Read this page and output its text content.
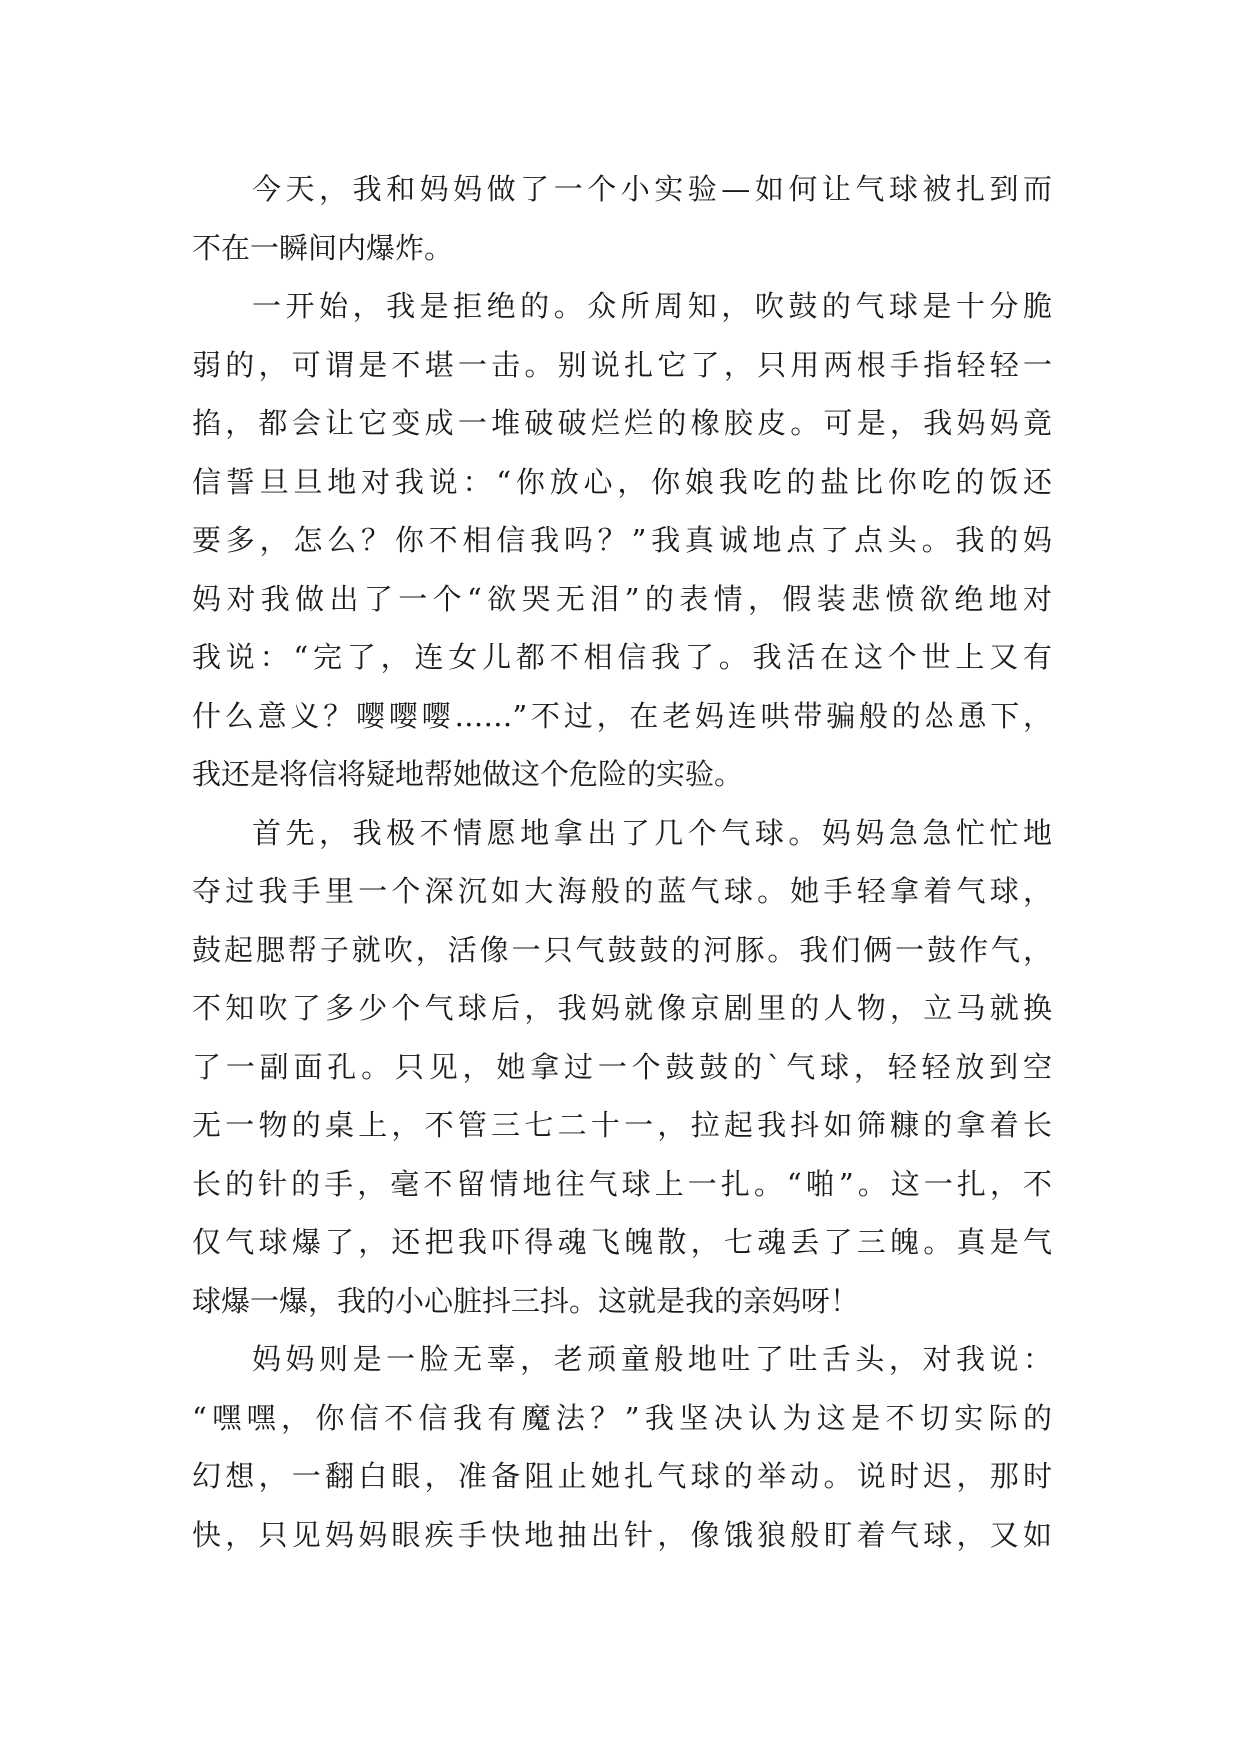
今天，我和妈妈做了一个小实验—如何让气球被扎到而
不在一瞬间内爆炸。
一开始，我是拒绝的。众所周知，吹鼓的气球是十分脆
弱的，可谓是不堪一击。别说扎它了，只用两根手指轻轻一
掐，都会让它变成一堆破破烂烂的橡胶皮。可是，我妈妈竟
信誓旦旦地对我说：“你放心，你娘我吃的盐比你吃的饭还
要多，怎么？你不相信我吗？”我真诚地点了点头。我的妈
妈对我做出了一个“欲哭无泪”的表情，假装悲愤欲绝地对
我说：“完了，连女儿都不相信我了。我活在这个世上又有
什么意义？嘤嘤嘤……”不过，在老妈连哄带骗般的怂恿下，
我还是将信将疑地帮她做这个危险的实验。
首先，我极不情愿地拿出了几个气球。妈妈急急忙忙地
夺过我手里一个深沉如大海般的蓝气球。她手轻拿着气球，
鼓起腮帮子就吹，活像一只气鼓鼓的河豚。我们俩一鼓作气，
不知吹了多少个气球后，我妈就像京剧里的人物，立马就换
了一副面孔。只见，她拿过一个鼓鼓的`气球，轻轻放到空
无一物的桌上，不管三七二十一，拉起我抖如筛糠的拿着长
长的针的手，毫不留情地往气球上一扎。“啪”。这一扎，不
仅气球爆了，还把我吓得魂飞魄散，七魂丢了三魄。真是气
球爆一爆，我的小心脏抖三抖。这就是我的亲妈呀！
妈妈则是一脸无辜，老顽童般地吐了吐舌头，对我说：
“嘿嘿，你信不信我有魔法？”我坚决认为这是不切实际的
幻想，一翻白眼，准备阻止她扎气球的举动。说时迟，那时
快，只见妈妈眼疾手快地抽出针，像饿狼般盯着气球，又如
